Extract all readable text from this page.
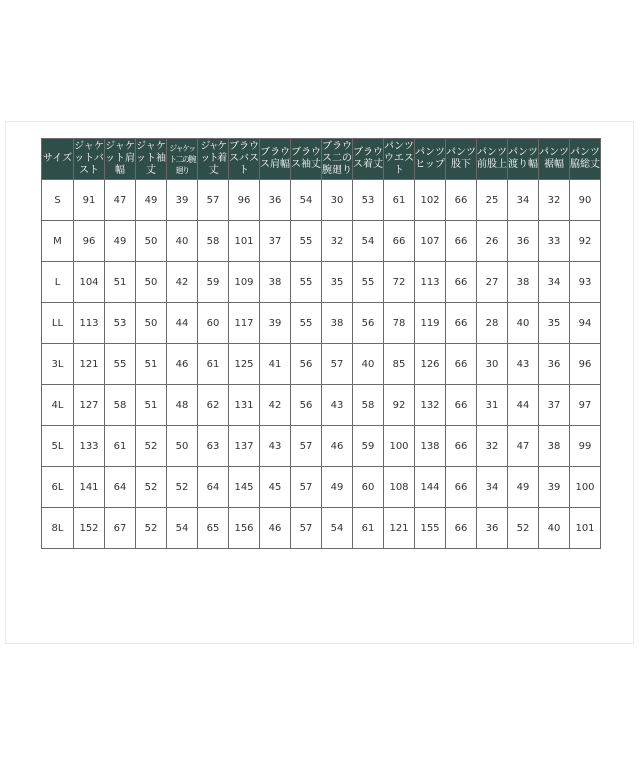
サイズ	ジャケットバスト	ジャケット肩幅	ジャケット袖丈	ジャケット二の腕廻り	ジャケット着丈	ブラウスバスト	ブラウス肩幅	ブラウス袖丈	ブラウス二の腕廻り	ブラウス着丈	パンツウエスト	パンツヒップ	パンツ股下	パンツ前股上	パンツ渡り幅	パンツ裾幅	パンツ脇総丈
S	91	47	49	39	57	96	36	54	30	53	61	102	66	25	34	32	90
M	96	49	50	40	58	101	37	55	32	54	66	107	66	26	36	33	92
L	104	51	50	42	59	109	38	55	35	55	72	113	66	27	38	34	93
LL	113	53	50	44	60	117	39	55	38	56	78	119	66	28	40	35	94
3L	121	55	51	46	61	125	41	56	57	40	85	126	66	30	43	36	96
4L	127	58	51	48	62	131	42	56	43	58	92	132	66	31	44	37	97
5L	133	61	52	50	63	137	43	57	46	59	100	138	66	32	47	38	99
6L	141	64	52	52	64	145	45	57	49	60	108	144	66	34	49	39	100
8L	152	67	52	54	65	156	46	57	54	61	121	155	66	36	52	40	101
